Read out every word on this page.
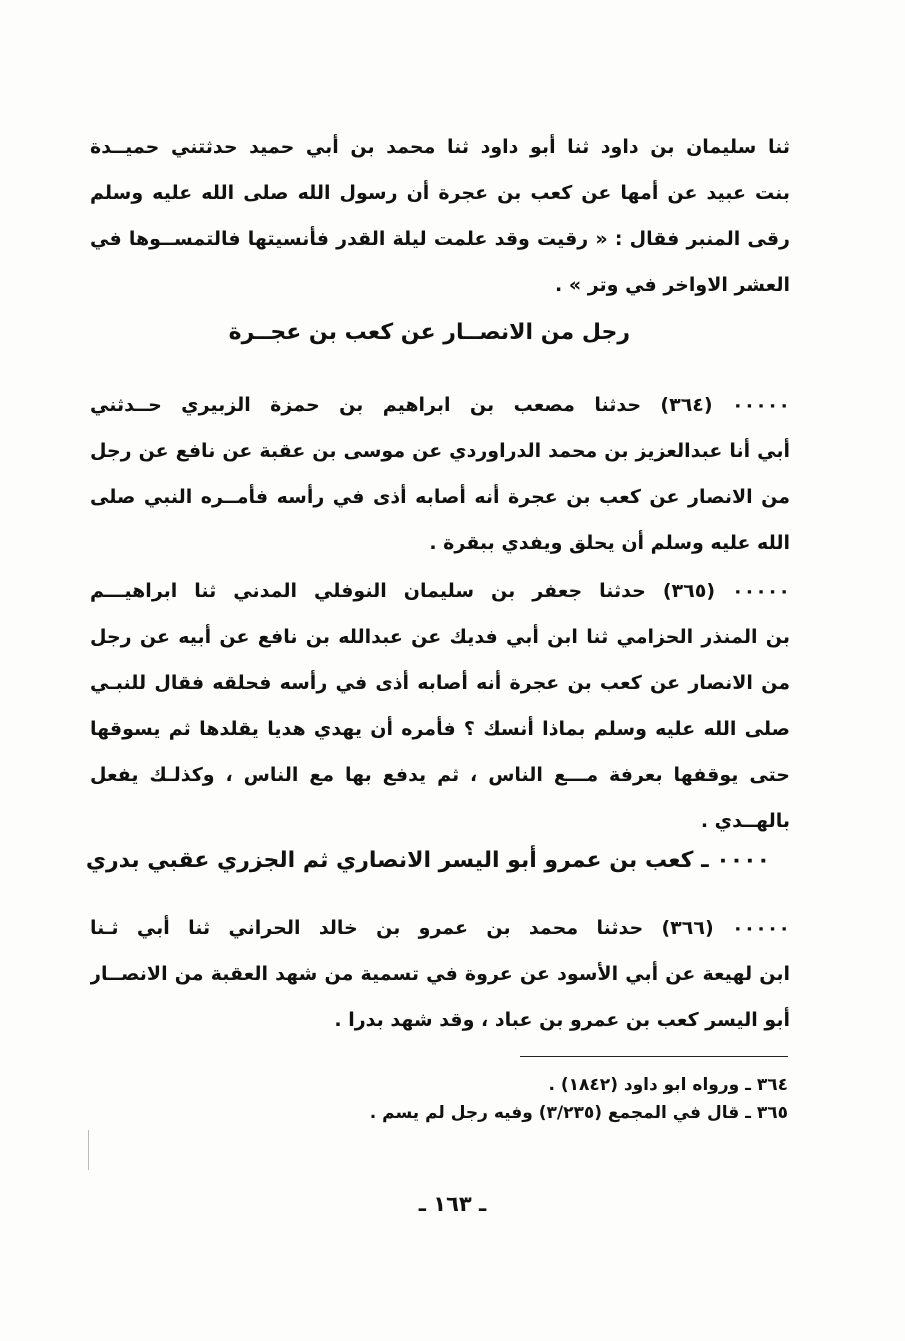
ثنا سليمان بن داود ثنا أبو داود ثنا محمد بن أبي حميد حدثتني حميــدة
بنت عبيد عن أمها عن كعب بن عجرة أن رسول الله صلى الله عليه وسلم
رقى المنبر فقال : « رقيت وقد علمت ليلة القدر فأنسيتها فالتمســوها في
العشر الاواخر في وتر » .
رجل من الانصــار عن كعب بن عجــرة
٠٠٠٠٠ (٣٦٤) حدثنا مصعب بن ابراهيم بن حمزة الزبيري حــدثني
أبي أنا عبدالعزيز بن محمد الدراوردي عن موسى بن عقبة عن نافع عن رجل
من الانصار عن كعب بن عجرة أنه أصابه أذى في رأسه فأمــره النبي صلى
الله عليه وسلم أن يحلق ويفدي ببقرة .
٠٠٠٠٠ (٣٦٥) حدثنا جعفر بن سليمان النوفلي المدني ثنا ابراهيـــم
بن المنذر الحزامي ثنا ابن أبي فديك عن عبدالله بن نافع عن أبيه عن رجل
من الانصار عن كعب بن عجرة أنه أصابه أذى في رأسه فحلقه فقال للنبـي
صلى الله عليه وسلم بماذا أنسك ؟ فأمره أن يهدي هديا يقلدها ثم يسوقها
حتى يوقفها بعرفة مـــع الناس ، ثم يدفع بها مع الناس ، وكذلـك يفعل
بالهــدي .
٠٠٠٠ ـ كعب بن عمرو أبو اليسر الانصاري ثم الجزري عقبي بدري
٠٠٠٠٠ (٣٦٦) حدثنا محمد بن عمرو بن خالد الحراني ثنا أبي ثـنا
ابن لهيعة عن أبي الأسود عن عروة في تسمية من شهد العقبة من الانصــار
أبو اليسر كعب بن عمرو بن عباد ، وقد شهد بدرا .
٣٦٤ ـ ورواه ابو داود (١٨٤٢) .
٣٦٥ ـ قال في المجمع (٣/٢٣٥) وفيه رجل لم يسم .
ـ ١٦٣ ـ
